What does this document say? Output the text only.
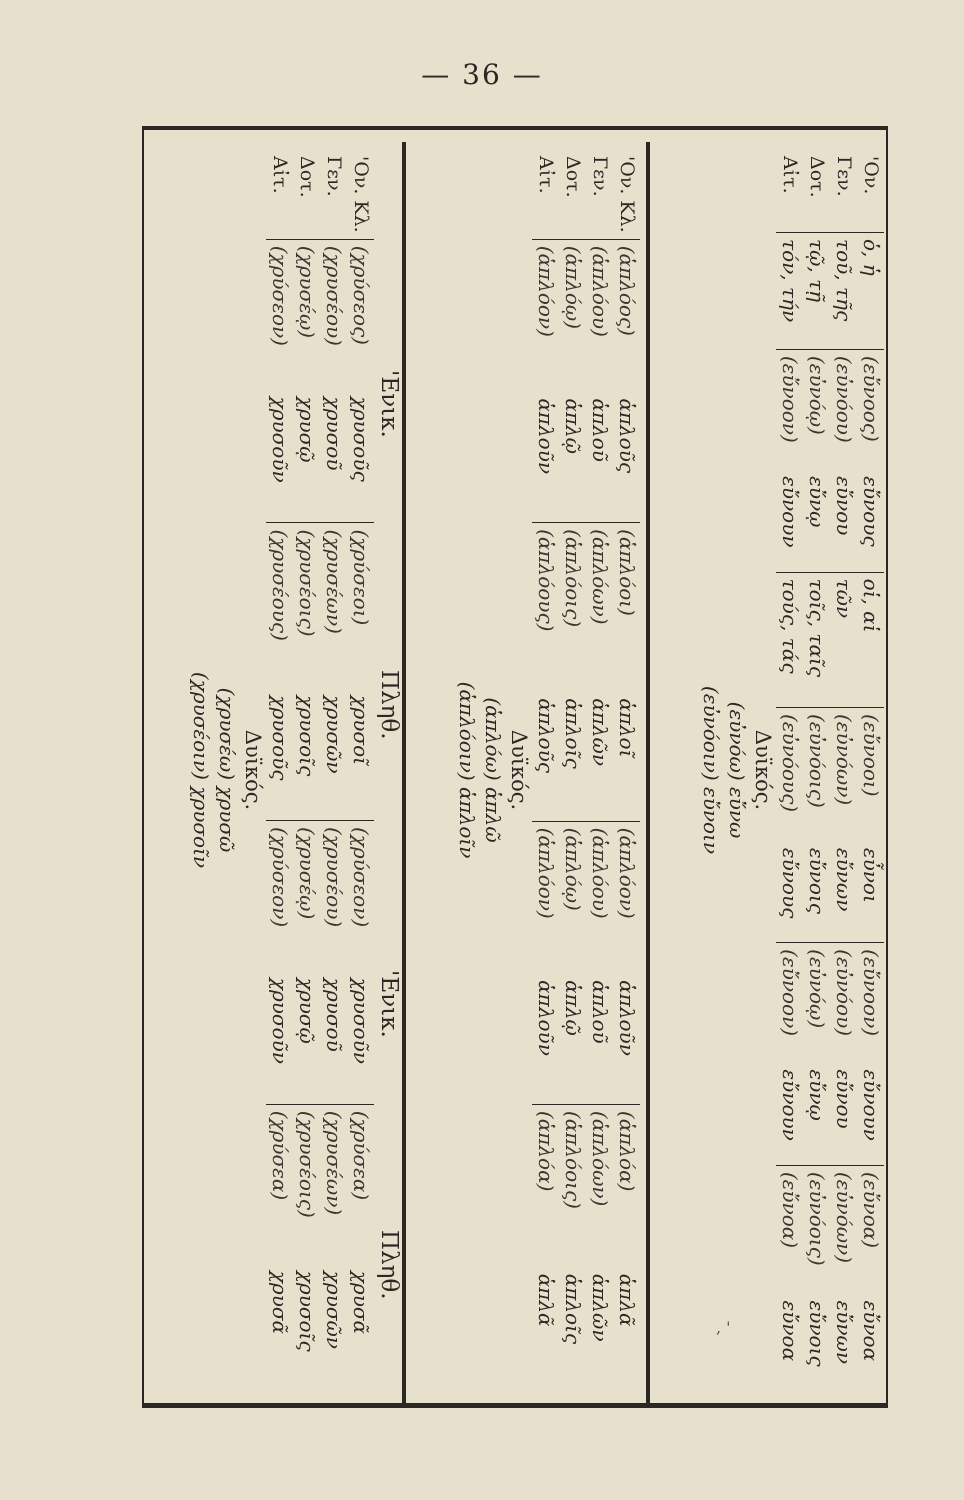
— 36 —
'Ενικ.
Πληθ.
'Ενικ.
Πληθ.
'Ον. Κλ.	(χρύσεος)	χρυσοῦς	(χρύσεοι)	χρυσοῖ	(χρύσεον)	χρυσοῦν	(χρύσεα)	χρυσᾶ
Γεν.	(χρυσέου)	χρυσοῦ	(χρυσέων)	χρυσῶν	(χρυσέου)	χρυσοῦ	(χρυσέων)	χρυσῶν
Δοτ.	(χρυσέῳ)	χρυσῷ	(χρυσέοις)	χρυσοῖς	(χρυσέῳ)	χρυσῷ	(χρυσέοις)	χρυσοῖς
Αἰτ.	(χρύσεον)	χρυσοῦν	(χρυσέους)	χρυσοῦς	(χρύσεον)	χρυσοῦν	(χρύσεα)	χρυσᾶ
Δυϊκός.
(χρυσέω) χρυσῶ
(χρυσέοιν) χρυσοῖν
'Ον. Κλ.	(ἁπλόος)	ἁπλοῦς	(ἁπλόοι)	ἁπλοῖ	(ἁπλόον)	ἁπλοῦν	(ἁπλόα)	ἁπλᾶ
Γεν.	(ἁπλόου)	ἁπλοῦ	(ἁπλόων)	ἁπλῶν	(ἁπλόου)	ἁπλοῦ	(ἁπλόων)	ἁπλῶν
Δοτ.	(ἁπλόῳ)	ἁπλῷ	(ἁπλόοις)	ἁπλοῖς	(ἁπλόῳ)	ἁπλῷ	(ἁπλόοις)	ἁπλοῖς
Αἰτ.	(ἁπλόον)	ἁπλοῦν	(ἁπλόους)	ἁπλοῦς	(ἁπλόον)	ἁπλοῦν	(ἁπλόα)	ἁπλᾶ
Δυϊκός.
(ἁπλόω) ἁπλῶ
(ἁπλόοιν) ἁπλοῖν
'Ον.	ὁ, ἡ	(εὔνοος)	εὔνους	οἱ, αἱ	(εὔνοοι)	εὖνοι	(εὔνοον)	εὔνουν	(εὔνοα)	εὔνοα
Γεν.	τοῦ, τῆς	(εὐνόου)	εὔνου	τῶν	(εὐνόων)	εὔνων	(εὐνόου)	εὔνου	(εὐνόων)	εὔνων
Δοτ.	τῷ, τῇ	(εὐνόῳ)	εὔνῳ	τοῖς, ταῖς	(εὐνόοις)	εὔνοις	(εὐνόῳ)	εὔνῳ	(εὐνόοις)	εὔνοις
Αἰτ.	τόν, τήν	(εὔνοον)	εὔνουν	τούς, τάς	(εὐνόους)	εὔνους	(εὔνοον)	εὔνουν	(εὔνοα)	εὔνοα
Δυϊκός.
(εὐνόω) εὔνω
(εὐνόοιν) εὔνοιν
, '
